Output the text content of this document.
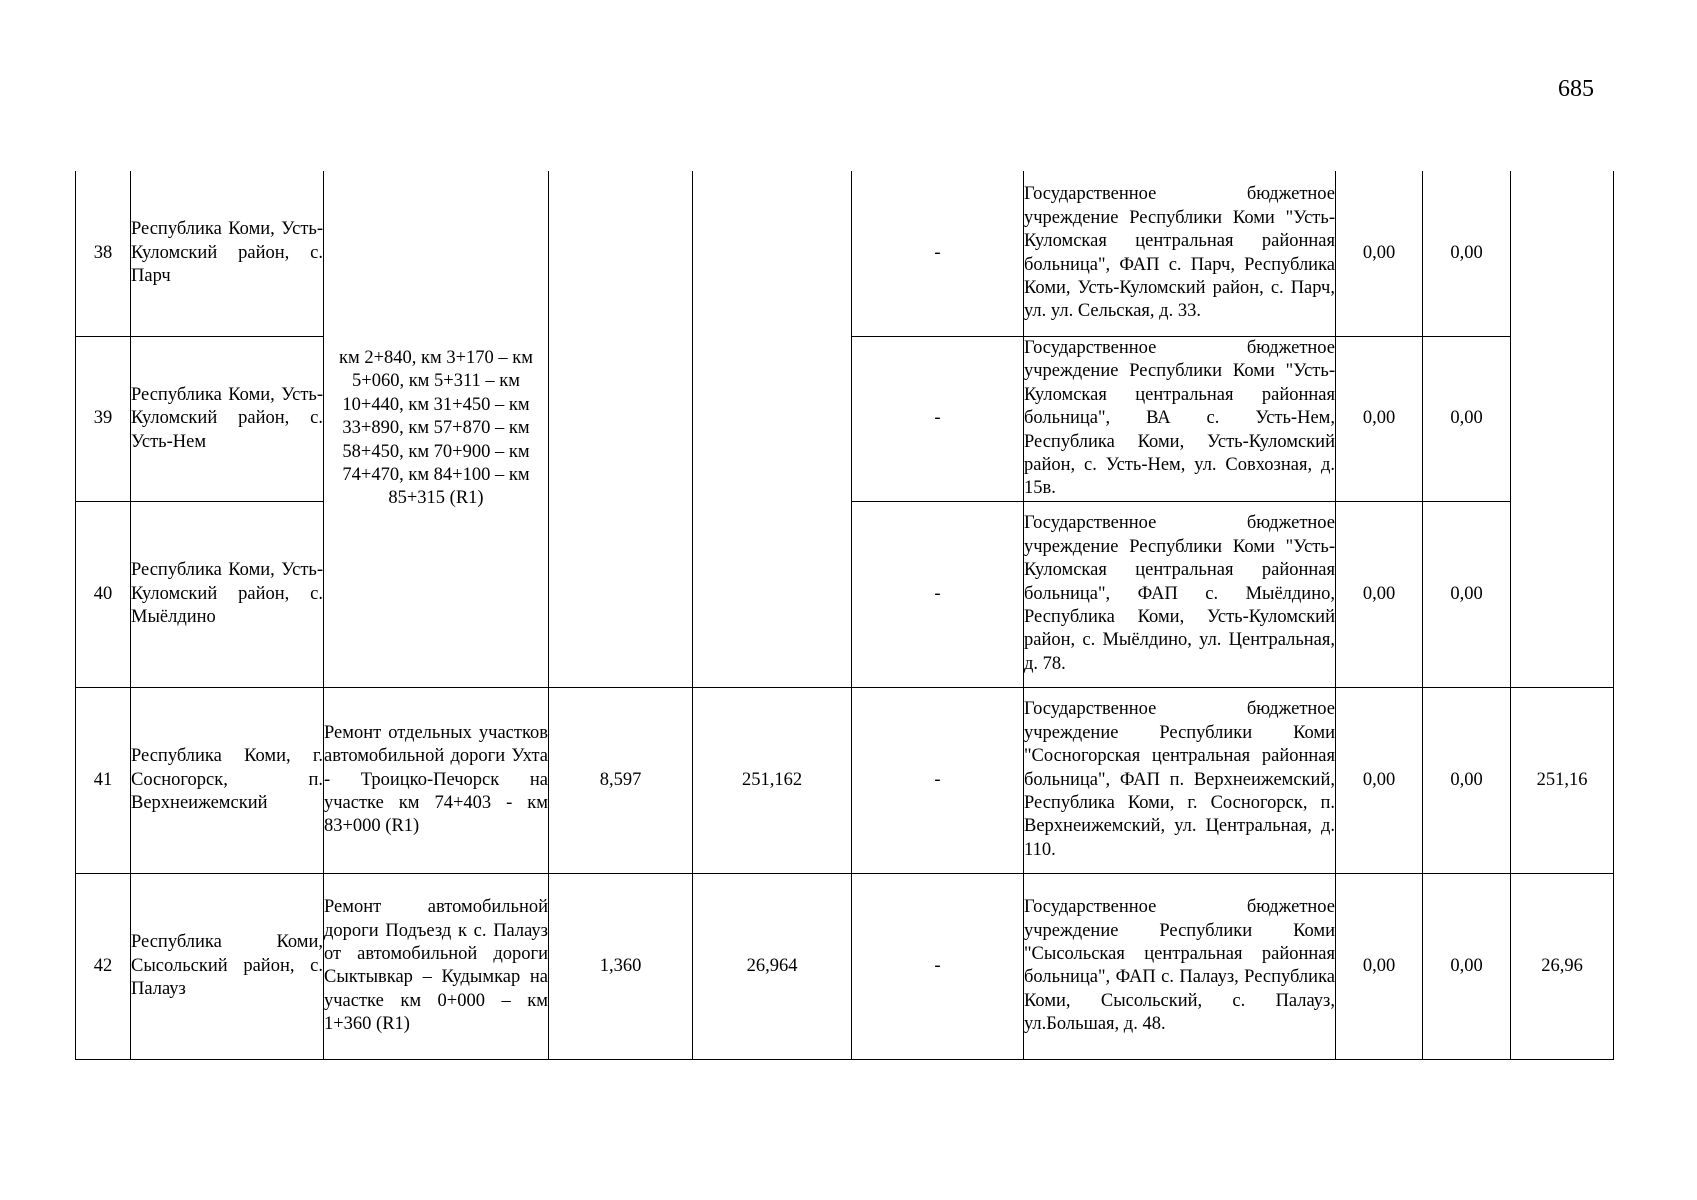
685
38	Республика Коми, Усть-Куломский район, с. Парч	км 2+840, км 3+170 – км 5+060, км 5+311 – км 10+440, км 31+450 – км 33+890, км 57+870 – км 58+450, км 70+900 – км 74+470, км 84+100 – км 85+315 (R1)			-	Государственное бюджетное учреждение Республики Коми "Усть-Куломская центральная районная больница", ФАП с. Парч, Республика Коми, Усть-Куломский район, с. Парч, ул. ул. Сельская, д. 33.	0,00	0,00	
39	Республика Коми, Усть-Куломский район, с. Усть-Нем				-	Государственное бюджетное учреждение Республики Коми "Усть-Куломская центральная районная больница", ВА с. Усть-Нем, Республика Коми, Усть-Куломский район, с. Усть-Нем, ул. Совхозная, д. 15в.	0,00	0,00	
40	Республика Коми, Усть-Куломский район, с. Мыёлдино				-	Государственное бюджетное учреждение Республики Коми "Усть-Куломская центральная районная больница", ФАП с. Мыёлдино, Республика Коми, Усть-Куломский район, с. Мыёлдино, ул. Центральная, д. 78.	0,00	0,00	
41	Республика Коми, г. Сосногорск, п. Верхнеижемский	Ремонт отдельных участков автомобильной дороги Ухта - Троицко-Печорск на участке км 74+403 - км 83+000 (R1)	8,597	251,162	-	Государственное бюджетное учреждение Республики Коми "Сосногорская центральная районная больница", ФАП п. Верхнеижемский, Республика Коми, г. Сосногорск, п. Верхнеижемский, ул. Центральная, д. 110.	0,00	0,00	251,16
42	Республика Коми, Сысольский район, с. Палауз	Ремонт автомобильной дороги Подъезд к с. Палауз от автомобильной дороги Сыктывкар – Кудымкар на участке км 0+000 – км 1+360 (R1)	1,360	26,964	-	Государственное бюджетное учреждение Республики Коми "Сысольская центральная районная больница", ФАП с. Палауз, Республика Коми, Сысольский, с. Палауз, ул.Большая, д. 48.	0,00	0,00	26,96
